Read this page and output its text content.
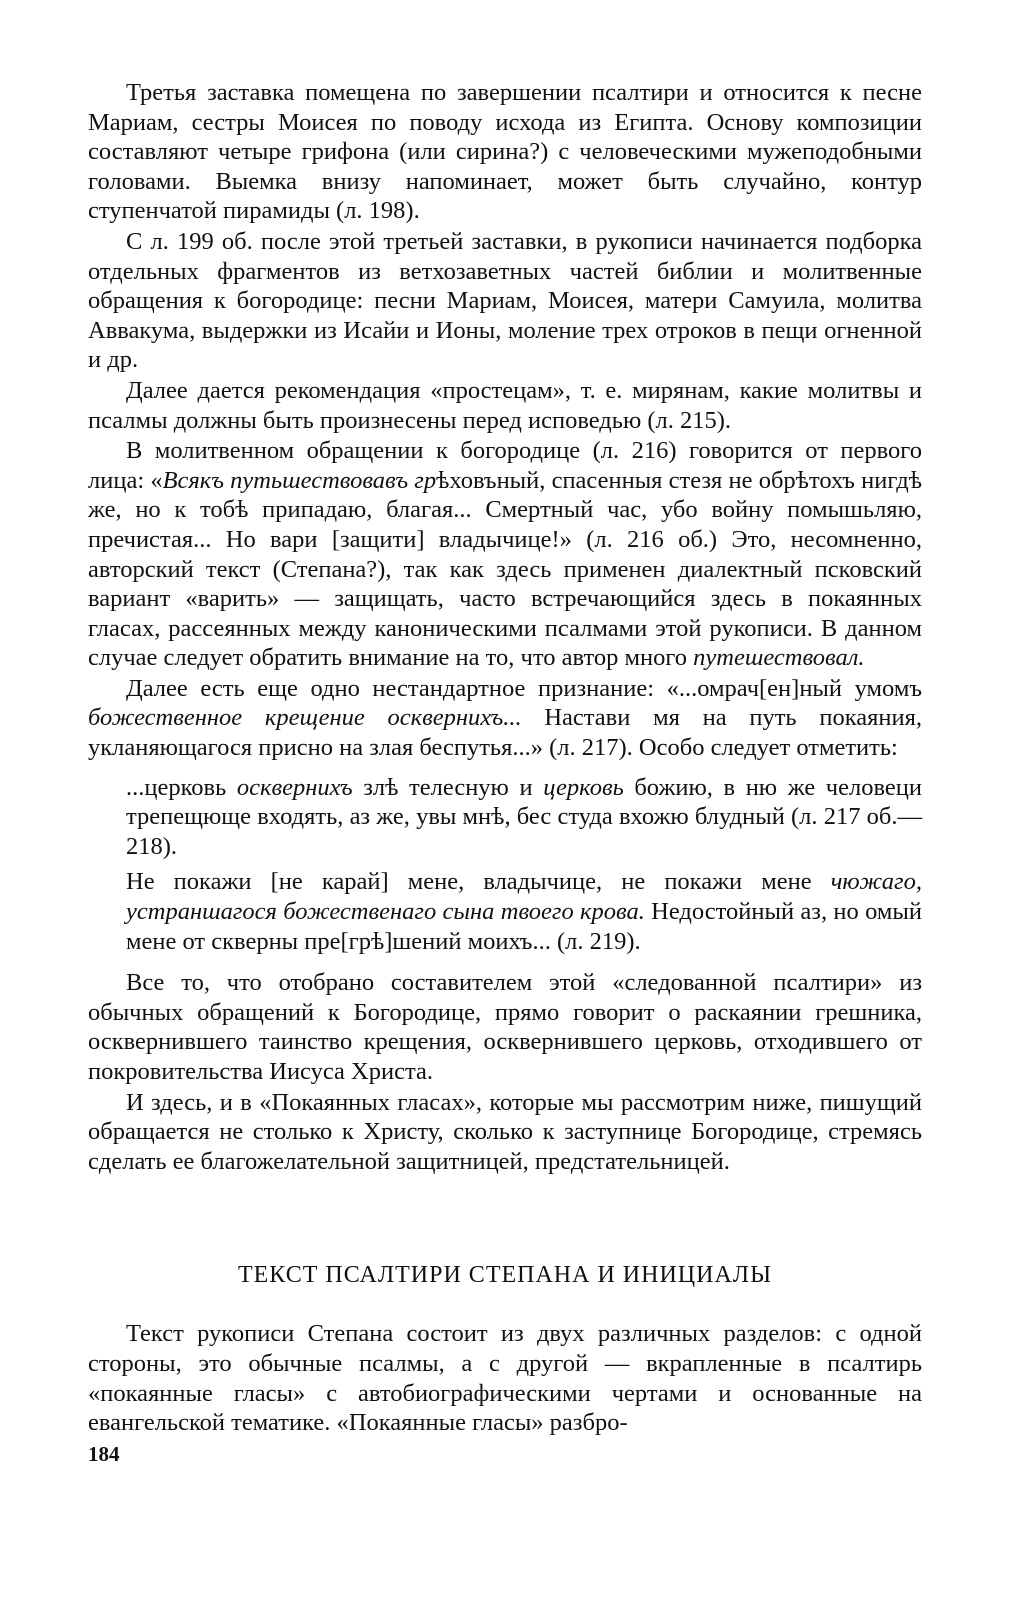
Третья заставка помещена по завершении псалтири и относится к песне Мариам, сестры Моисея по поводу исхода из Египта. Основу композиции составляют четыре грифона (или сирина?) с человеческими мужеподобными головами. Выемка внизу напоминает, может быть случайно, контур ступенчатой пирамиды (л. 198).

С л. 199 об. после этой третьей заставки, в рукописи начинается подборка отдельных фрагментов из ветхозаветных частей библии и молитвенные обращения к богородице: песни Мариам, Моисея, матери Самуила, молитва Аввакума, выдержки из Исайи и Ионы, моление трех отроков в пещи огненной и др.

Далее дается рекомендация «простецам», т. е. мирянам, какие молитвы и псалмы должны быть произнесены перед исповедью (л. 215).

В молитвенном обращении к богородице (л. 216) говорится от первого лица: «Всякъ путьшествовавъ грѣховъный, спасенныя стезя не обрѣтохъ нигдѣ же, но к тобѣ припадаю, благая... Смертный час, убо войну помышьляю, пречистая... Но вари [защити] владычице!» (л. 216 об.) Это, несомненно, авторский текст (Степана?), так как здесь применен диалектный псковский вариант «варить» — защищать, часто встречающийся здесь в покаянных гласах, рассеянных между каноническими псалмами этой рукописи. В данном случае следует обратить внимание на то, что автор много путешествовал.

Далее есть еще одно нестандартное признание: «...омрач[ен]ный умомъ божественное крещение осквернихъ... Настави мя на путь покаяния, укланяющагося присно на злая беспутья...» (л. 217). Особо следует отметить:

...церковь осквернихъ злѣ телесную и церковь божию, в ню же человеци трепещюще входять, аз же, увы мнѣ, бес студа вхожю блудный (л. 217 об.— 218).

Не покажи [не карай] мене, владычице, не покажи мене чюжаго, устраншагося божественаго сына твоего крова. Недостойный аз, но омый мене от скверны пре[грѣ]шений моихъ... (л. 219).

Все то, что отобрано составителем этой «следованной псалтири» из обычных обращений к Богородице, прямо говорит о раскаянии грешника, осквернившего таинство крещения, осквернившего церковь, отходившего от покровительства Иисуса Христа.

И здесь, и в «Покаянных гласах», которые мы рассмотрим ниже, пишущий обращается не столько к Христу, сколько к заступнице Богородице, стремясь сделать ее благожелательной защитницей, предстательницей.

ТЕКСТ ПСАЛТИРИ СТЕПАНА И ИНИЦИАЛЫ

Текст рукописи Степана состоит из двух различных разделов: с одной стороны, это обычные псалмы, а с другой — вкрапленные в псалтирь «покаянные гласы» с автобиографическими чертами и основанные на евангельской тематике. «Покаянные гласы» разбро-

184
